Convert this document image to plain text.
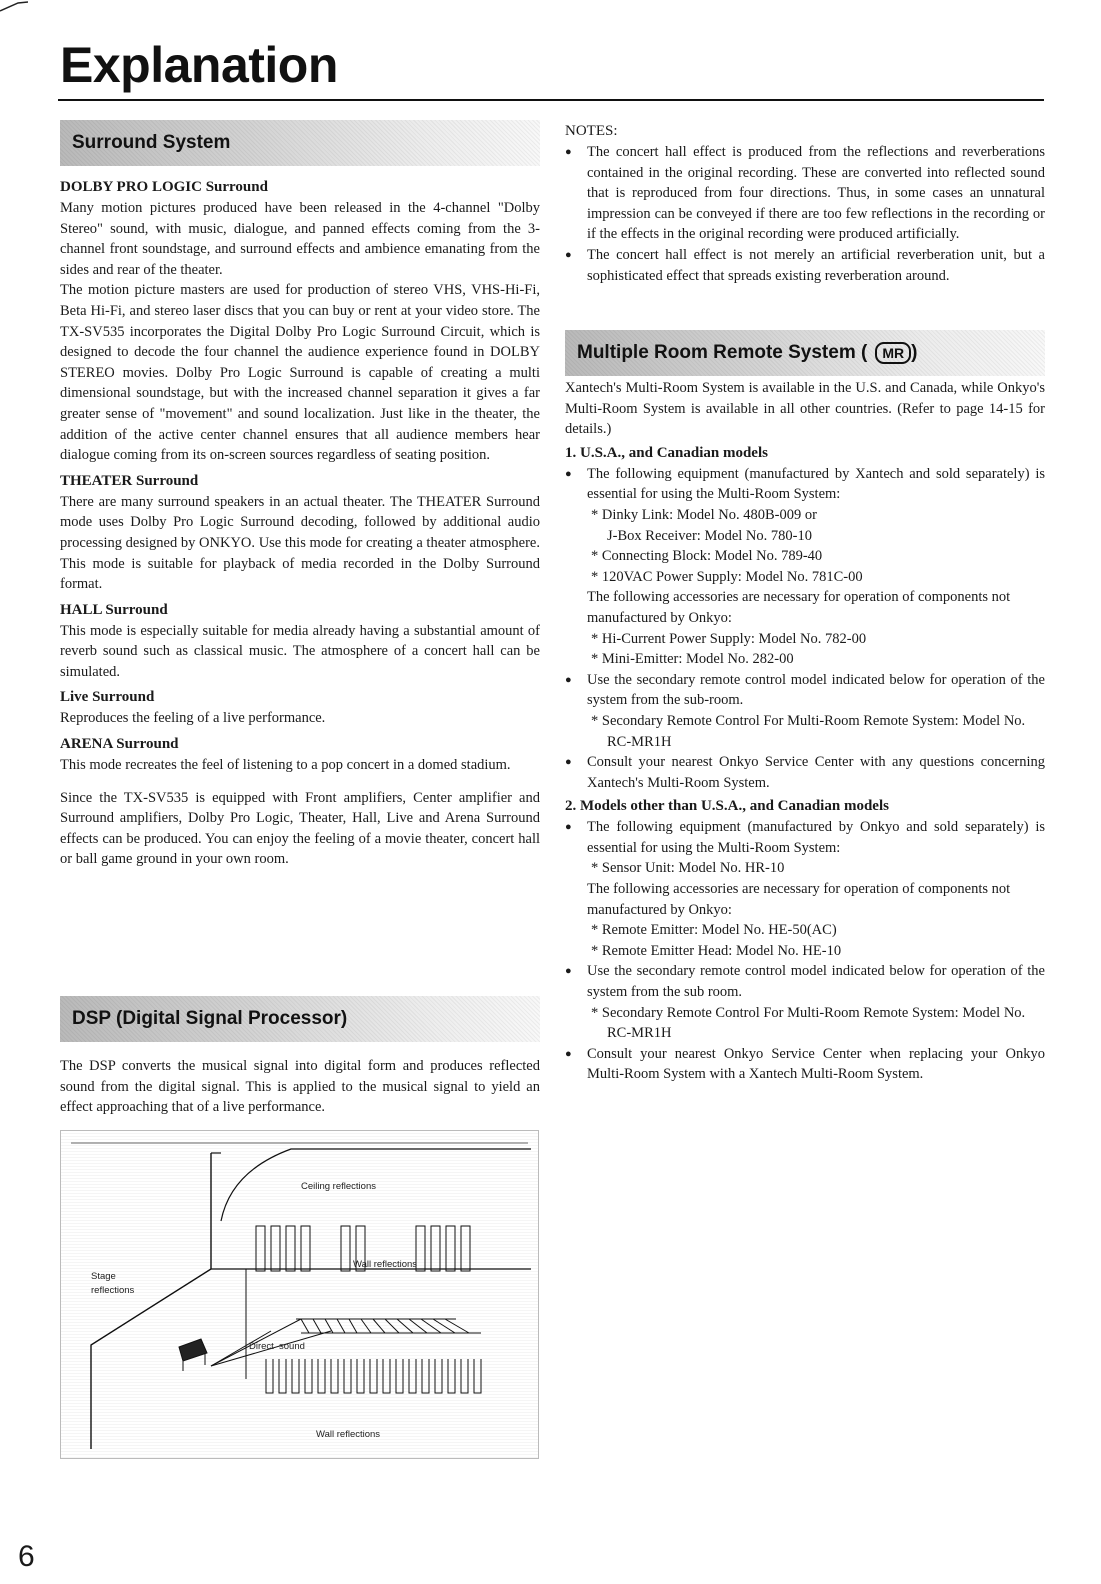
Explanation
Surround System
DOLBY PRO LOGIC Surround

Many motion pictures produced have been released in the 4-channel "Dolby Stereo" sound, with music, dialogue, and panned effects coming from the 3-channel front soundstage, and surround effects and ambience emanating from the sides and rear of the theater.

The motion picture masters are used for production of stereo VHS, VHS-Hi-Fi, Beta Hi-Fi, and stereo laser discs that you can buy or rent at your video store. The TX-SV535 incorporates the Digital Dolby Pro Logic Surround Circuit, which is designed to decode the four channel the audience experience found in DOLBY STEREO movies. Dolby Pro Logic Surround is capable of creating a multi dimensional soundstage, but with the increased channel separation it gives a far greater sense of "movement" and sound localization. Just like in the theater, the addition of the active center channel ensures that all audience members hear dialogue coming from its on-screen sources regardless of seating position.

THEATER Surround

There are many surround speakers in an actual theater. The THEATER Surround mode uses Dolby Pro Logic Surround decoding, followed by additional audio processing designed by ONKYO. Use this mode for creating a theater atmosphere. This mode is suitable for playback of media recorded in the Dolby Surround format.

HALL Surround

This mode is especially suitable for media already having a substantial amount of reverb sound such as classical music. The atmosphere of a concert hall can be simulated.

Live Surround

Reproduces the feeling of a live performance.

ARENA Surround

This mode recreates the feel of listening to a pop concert in a domed stadium.

Since the TX-SV535 is equipped with Front amplifiers, Center amplifier and Surround amplifiers, Dolby Pro Logic, Theater, Hall, Live and Arena Surround effects can be produced. You can enjoy the feeling of a movie theater, concert hall or ball game ground in your own room.

DSP (Digital Signal Processor)

The DSP converts the musical signal into digital form and produces reflected sound from the digital signal. This is applied to the musical signal to yield an effect approaching that of a live performance.

Ceiling reflections
Wall reflections
Stage
reflections
Direct sound
Wall reflections
NOTES:
● The concert hall effect is produced from the reflections and reverberations contained in the original recording. These are converted into reflected sound that is reproduced from four directions. Thus, in some cases an unnatural impression can be conveyed if there are too few reflections in the recording or if the effects in the original recording were produced artificially.
● The concert hall effect is not merely an artificial reverberation unit, but a sophisticated effect that spreads existing reverberation around.
Multiple Room Remote System (	MR )

Xantech's Multi-Room System is available in the U.S. and Canada, while Onkyo's Multi-Room System is available in all other countries. (Refer to page 14-15 for details.)

1. U.S.A., and Canadian models
● The following equipment (manufactured by Xantech and sold separately) is essential for using the Multi-Room System:
* Dinky Link: Model No. 480B-009 or
J-Box Receiver: Model No. 780-10
* Connecting Block: Model No. 789-40
* 120VAC Power Supply: Model No. 781C-00
The following accessories are necessary for operation of components not manufactured by Onkyo:
* Hi-Current Power Supply: Model No. 782-00
* Mini-Emitter: Model No. 282-00
● Use the secondary remote control model indicated below for operation of the system from the sub-room.
* Secondary Remote Control For Multi-Room Remote System: Model No. RC-MR1H
● Consult your nearest Onkyo Service Center with any questions concerning Xantech's Multi-Room System.
2. Models other than U.S.A., and Canadian models
● The following equipment (manufactured by Onkyo and sold separately) is essential for using the Multi-Room System:
* Sensor Unit: Model No. HR-10
The following accessories are necessary for operation of components not manufactured by Onkyo:
* Remote Emitter: Model No. HE-50(AC)
* Remote Emitter Head: Model No. HE-10
● Use the secondary remote control model indicated below for operation of the system from the sub room.
* Secondary Remote Control For Multi-Room Remote System: Model No. RC-MR1H
● Consult your nearest Onkyo Service Center when replacing your Onkyo Multi-Room System with a Xantech Multi-Room System.
6
